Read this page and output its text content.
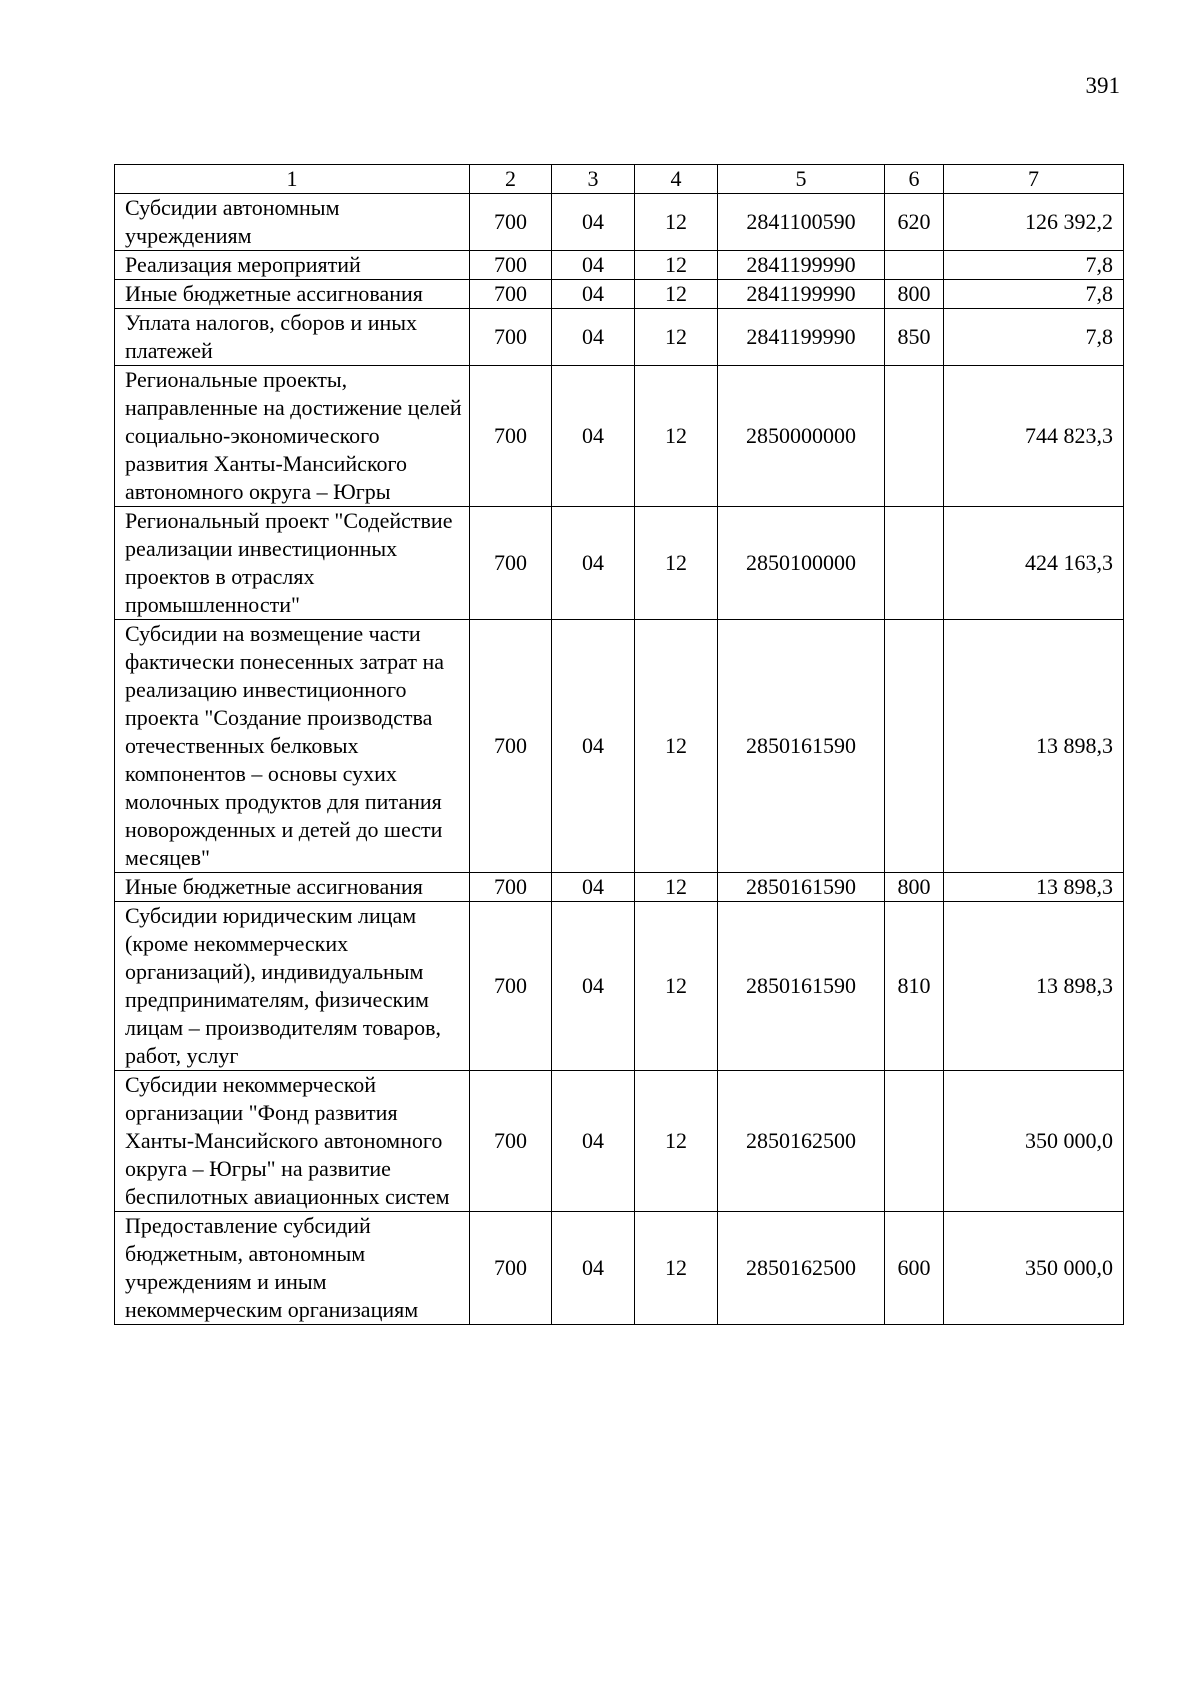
391
1	2	3	4	5	6	7
Субсидии автономным учреждениям	700	04	12	2841100590	620	126 392,2
Реализация мероприятий	700	04	12	2841199990		7,8
Иные бюджетные ассигнования	700	04	12	2841199990	800	7,8
Уплата налогов, сборов и иных платежей	700	04	12	2841199990	850	7,8
Региональные проекты, направленные на достижение целей социально-экономического развития Ханты-Мансийского автономного округа – Югры	700	04	12	2850000000		744 823,3
Региональный проект "Содействие реализации инвестиционных проектов в отраслях промышленности"	700	04	12	2850100000		424 163,3
Субсидии на возмещение части фактически понесенных затрат на реализацию инвестиционного проекта "Создание производства отечественных белковых компонентов – основы сухих молочных продуктов для питания новорожденных и детей до шести месяцев"	700	04	12	2850161590		13 898,3
Иные бюджетные ассигнования	700	04	12	2850161590	800	13 898,3
Субсидии юридическим лицам (кроме некоммерческих организаций), индивидуальным предпринимателям, физическим лицам – производителям товаров, работ, услуг	700	04	12	2850161590	810	13 898,3
Субсидии некоммерческой организации "Фонд развития Ханты-Мансийского автономного округа – Югры" на развитие беспилотных авиационных систем	700	04	12	2850162500		350 000,0
Предоставление субсидий бюджетным, автономным учреждениям и иным некоммерческим организациям	700	04	12	2850162500	600	350 000,0
